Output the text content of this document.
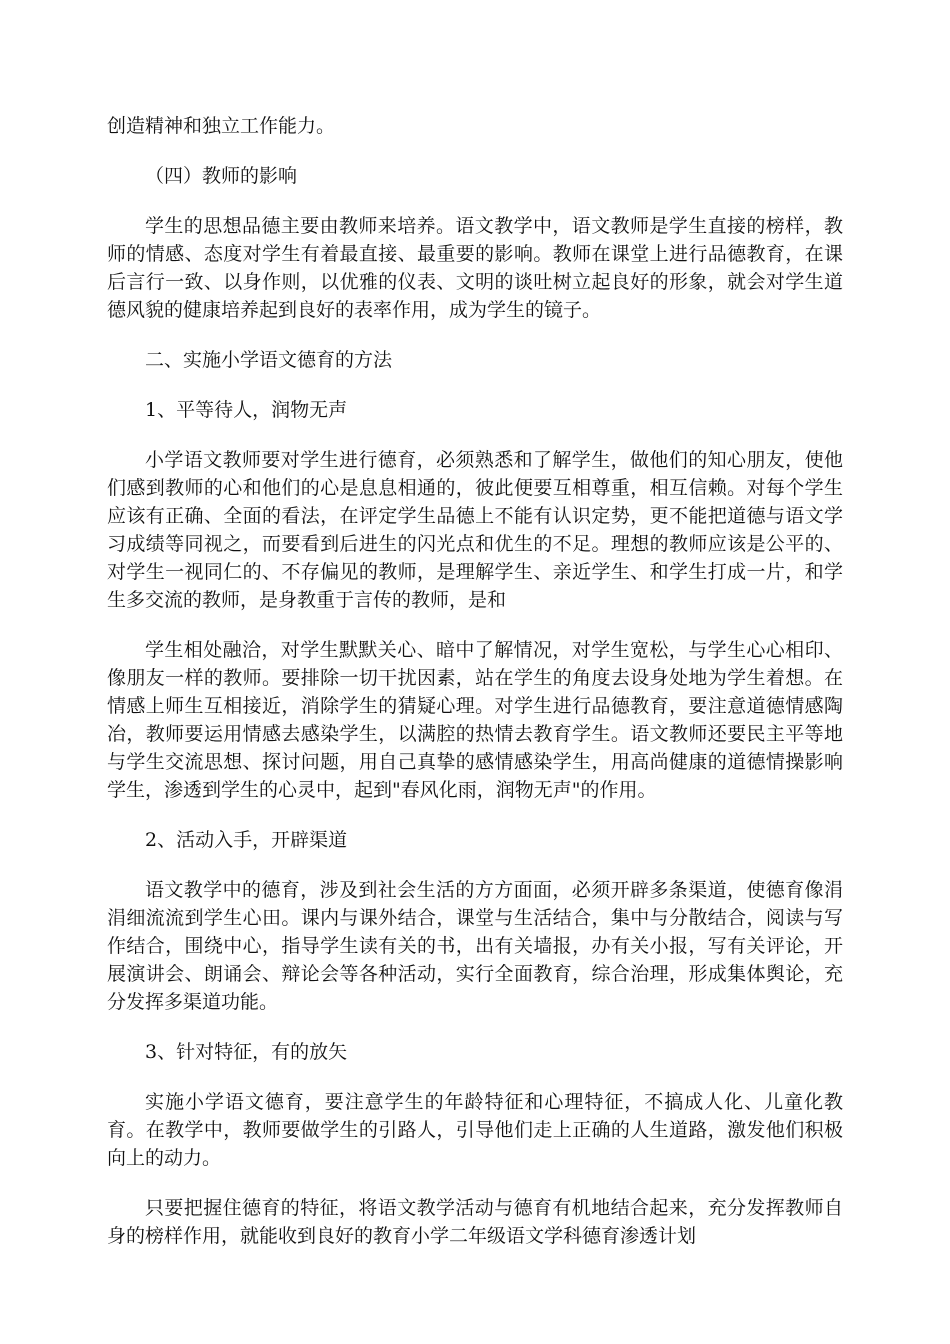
创造精神和独立工作能力。

（四）教师的影响

学生的思想品德主要由教师来培养。语文教学中，语文教师是学生直接的榜样，教师的情感、态度对学生有着最直接、最重要的影响。教师在课堂上进行品德教育，在课后言行一致、以身作则，以优雅的仪表、文明的谈吐树立起良好的形象，就会对学生道德风貌的健康培养起到良好的表率作用，成为学生的镜子。

二、实施小学语文德育的方法

1、平等待人，润物无声

小学语文教师要对学生进行德育，必须熟悉和了解学生，做他们的知心朋友，使他们感到教师的心和他们的心是息息相通的，彼此便要互相尊重，相互信赖。对每个学生应该有正确、全面的看法，在评定学生品德上不能有认识定势，更不能把道德与语文学习成绩等同视之，而要看到后进生的闪光点和优生的不足。理想的教师应该是公平的、对学生一视同仁的、不存偏见的教师，是理解学生、亲近学生、和学生打成一片，和学生多交流的教师，是身教重于言传的教师，是和

学生相处融洽，对学生默默关心、暗中了解情况，对学生宽松，与学生心心相印、像朋友一样的教师。要排除一切干扰因素，站在学生的角度去设身处地为学生着想。在情感上师生互相接近，消除学生的猜疑心理。对学生进行品德教育，要注意道德情感陶冶，教师要运用情感去感染学生，以满腔的热情去教育学生。语文教师还要民主平等地与学生交流思想、探讨问题，用自己真挚的感情感染学生，用高尚健康的道德情操影响学生，渗透到学生的心灵中，起到"春风化雨，润物无声"的作用。

2、活动入手，开辟渠道

语文教学中的德育，涉及到社会生活的方方面面，必须开辟多条渠道，使德育像涓涓细流流到学生心田。课内与课外结合，课堂与生活结合，集中与分散结合，阅读与写作结合，围绕中心，指导学生读有关的书，出有关墙报，办有关小报，写有关评论，开展演讲会、朗诵会、辩论会等各种活动，实行全面教育，综合治理，形成集体舆论，充分发挥多渠道功能。

3、针对特征，有的放矢

实施小学语文德育，要注意学生的年龄特征和心理特征，不搞成人化、儿童化教育。在教学中，教师要做学生的引路人，引导他们走上正确的人生道路，激发他们积极向上的动力。

只要把握住德育的特征，将语文教学活动与德育有机地结合起来，充分发挥教师自身的榜样作用，就能收到良好的教育小学二年级语文学科德育渗透计划
